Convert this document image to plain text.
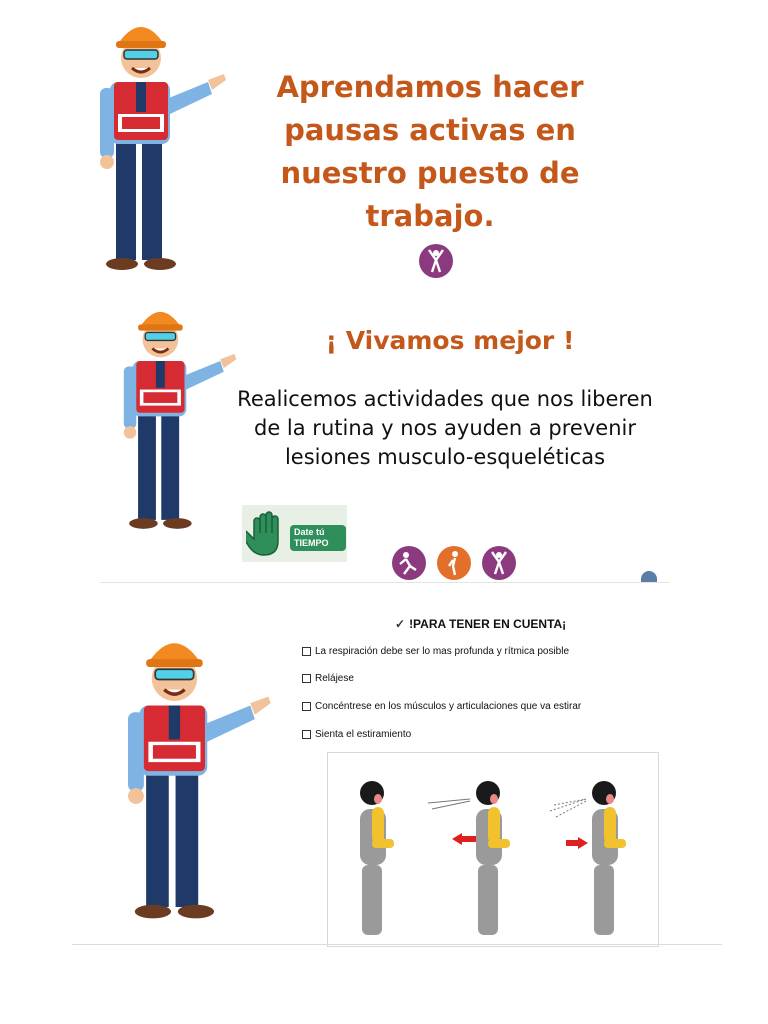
Aprendamos hacer
pausas activas en
nuestro puesto de
trabajo.
¡ Vivamos mejor !
Realicemos actividades que nos liberen
de la rutina y nos ayuden a prevenir
lesiones musculo-esqueléticas
Date tú
TIEMPO
✓ !PARA TENER EN CUENTA¡
La respiración debe ser lo mas profunda y rítmica posible
Relájese
Concéntrese en los músculos y articulaciones que va estirar
Sienta el estiramiento
